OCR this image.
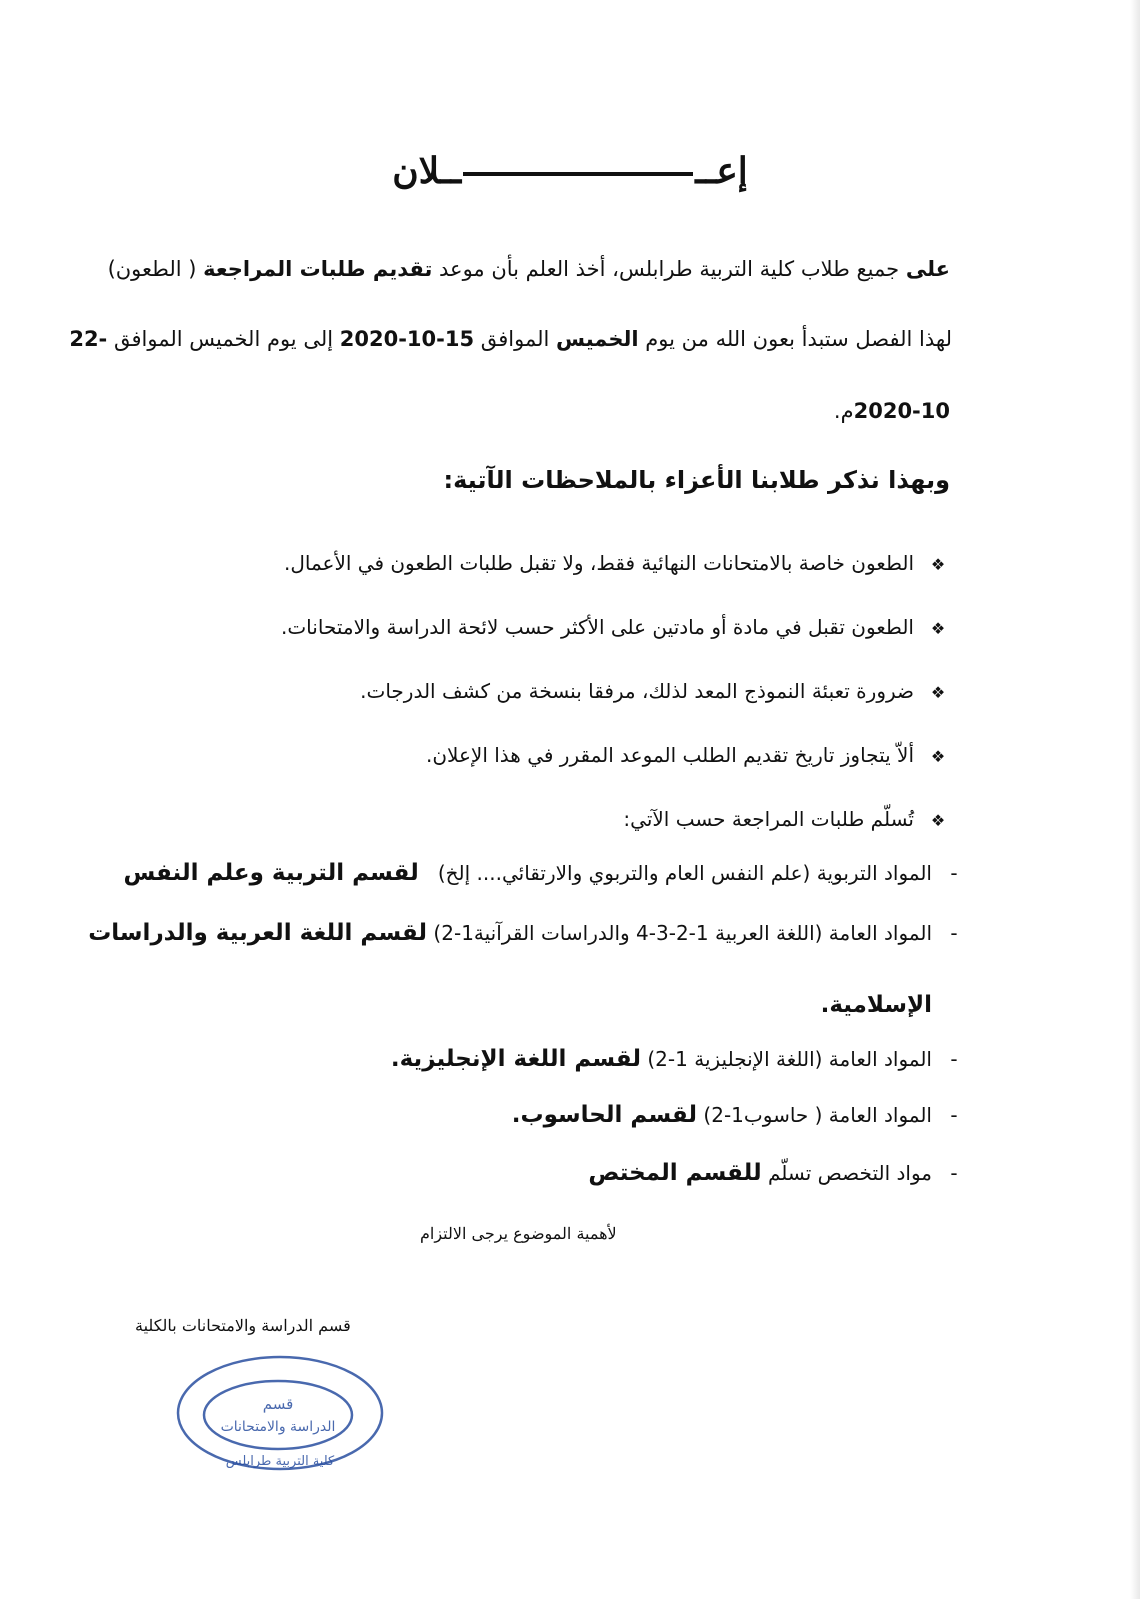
إعــــلان
على جميع طلاب كلية التربية طرابلس، أخذ العلم بأن موعد تقديم طلبات المراجعة ( الطعون)
لهذا الفصل ستبدأ بعون الله من يوم الخميس الموافق 2020-10-15 إلى يوم الخميس الموافق 22-
2020-10م.
وبهذا نذكر طلابنا الأعزاء بالملاحظات الآتية:
❖الطعون خاصة بالامتحانات النهائية فقط، ولا تقبل طلبات الطعون في الأعمال.
❖الطعون تقبل في مادة أو مادتين على الأكثر حسب لائحة الدراسة والامتحانات.
❖ضرورة تعبئة النموذج المعد لذلك، مرفقا بنسخة من كشف الدرجات.
❖ألاّ يتجاوز تاريخ تقديم الطلب الموعد المقرر في هذا الإعلان.
❖تُسلّم طلبات المراجعة حسب الآتي:
-المواد التربوية (علم النفس العام والتربوي والارتقائي.... إلخ)   لقسم التربية وعلم النفس
-المواد العامة (اللغة العربية 1-2-3-4 والدراسات القرآنية1-2) لقسم اللغة العربية والدراسات
الإسلامية.
-المواد العامة (اللغة الإنجليزية 1-2) لقسم اللغة الإنجليزية.
-المواد العامة ( حاسوب1-2) لقسم الحاسوب.
-مواد التخصص تسلّم للقسم المختص
لأهمية الموضوع يرجى الالتزام
قسم الدراسة والامتحانات بالكلية
قسم
الدراسة والامتحانات
كلية التربية طرابلس
